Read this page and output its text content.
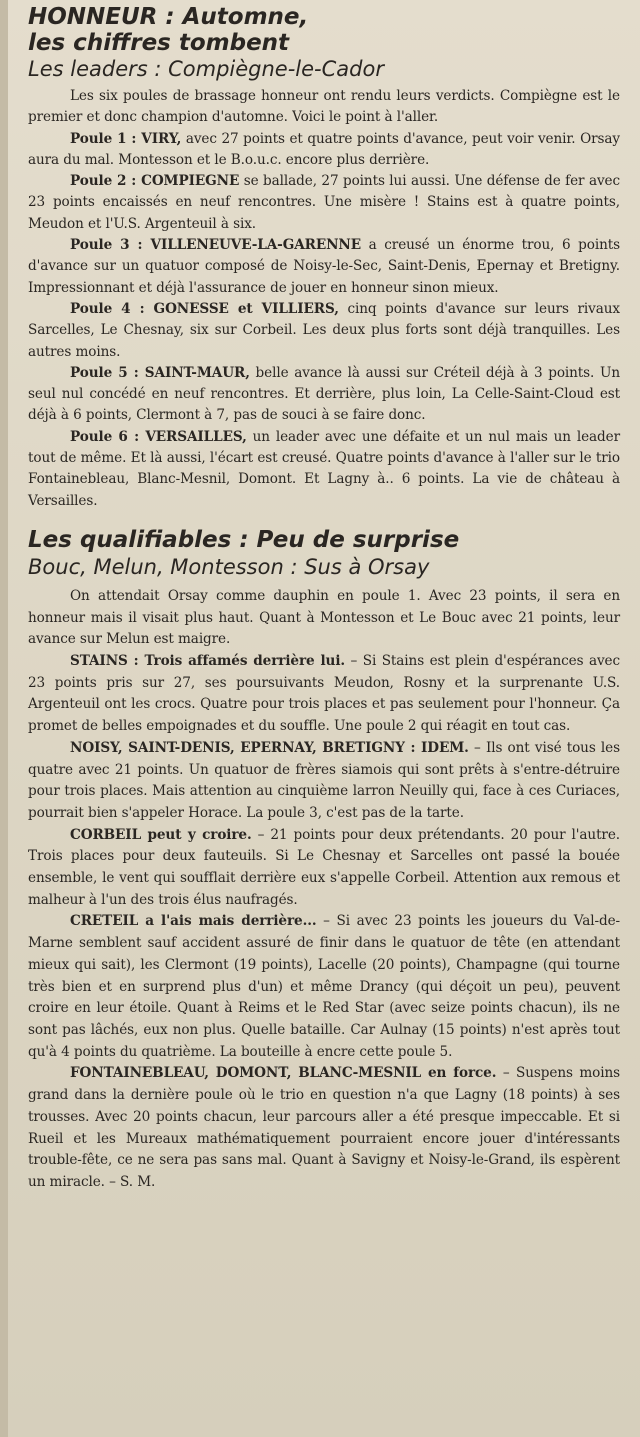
HONNEUR : Automne,
les chiffres tombent
Les leaders : Compiègne-le-Cador

Les six poules de brassage honneur ont rendu leurs verdicts. Compiègne est le premier et donc champion d'automne. Voici le point à l'aller.

Poule 1 : VIRY, avec 27 points et quatre points d'avance, peut voir venir. Orsay aura du mal. Montesson et le B.o.u.c. encore plus derrière.

Poule 2 : COMPIEGNE se ballade, 27 points lui aussi. Une défense de fer avec 23 points encaissés en neuf rencontres. Une misère ! Stains est à quatre points, Meudon et l'U.S. Argenteuil à six.

Poule 3 : VILLENEUVE-LA-GARENNE a creusé un énorme trou, 6 points d'avance sur un quatuor composé de Noisy-le-Sec, Saint-Denis, Epernay et Bretigny. Impressionnant et déjà l'assurance de jouer en honneur sinon mieux.

Poule 4 : GONESSE et VILLIERS, cinq points d'avance sur leurs rivaux Sarcelles, Le Chesnay, six sur Corbeil. Les deux plus forts sont déjà tranquilles. Les autres moins.

Poule 5 : SAINT-MAUR, belle avance là aussi sur Créteil déjà à 3 points. Un seul nul concédé en neuf rencontres. Et derrière, plus loin, La Celle-Saint-Cloud est déjà à 6 points, Clermont à 7, pas de souci à se faire donc.

Poule 6 : VERSAILLES, un leader avec une défaite et un nul mais un leader tout de même. Et là aussi, l'écart est creusé. Quatre points d'avance à l'aller sur le trio Fontainebleau, Blanc-Mesnil, Domont. Et Lagny à.. 6 points. La vie de château à Versailles.

Les qualifiables : Peu de surprise
Bouc, Melun, Montesson : Sus à Orsay

On attendait Orsay comme dauphin en poule 1. Avec 23 points, il sera en honneur mais il visait plus haut. Quant à Montesson et Le Bouc avec 21 points, leur avance sur Melun est maigre.

STAINS : Trois affamés derrière lui. – Si Stains est plein d'espérances avec 23 points pris sur 27, ses poursuivants Meudon, Rosny et la surprenante U.S. Argenteuil ont les crocs. Quatre pour trois places et pas seulement pour l'honneur. Ça promet de belles empoignades et du souffle. Une poule 2 qui réagit en tout cas.

NOISY, SAINT-DENIS, EPERNAY, BRETIGNY : IDEM. – Ils ont visé tous les quatre avec 21 points. Un quatuor de frères siamois qui sont prêts à s'entre-détruire pour trois places. Mais attention au cinquième larron Neuilly qui, face à ces Curiaces, pourrait bien s'appeler Horace. La poule 3, c'est pas de la tarte.

CORBEIL peut y croire. – 21 points pour deux prétendants. 20 pour l'autre. Trois places pour deux fauteuils. Si Le Chesnay et Sarcelles ont passé la bouée ensemble, le vent qui soufflait derrière eux s'appelle Corbeil. Attention aux remous et malheur à l'un des trois élus naufragés.

CRETEIL a l'ais mais derrière... – Si avec 23 points les joueurs du Val-de-Marne semblent sauf accident assuré de finir dans le quatuor de tête (en attendant mieux qui sait), les Clermont (19 points), Lacelle (20 points), Champagne (qui tourne très bien et en surprend plus d'un) et même Drancy (qui déçoit un peu), peuvent croire en leur étoile. Quant à Reims et le Red Star (avec seize points chacun), ils ne sont pas lâchés, eux non plus. Quelle bataille. Car Aulnay (15 points) n'est après tout qu'à 4 points du quatrième. La bouteille à encre cette poule 5.

FONTAINEBLEAU, DOMONT, BLANC-MESNIL en force. – Suspens moins grand dans la dernière poule où le trio en question n'a que Lagny (18 points) à ses trousses. Avec 20 points chacun, leur parcours aller a été presque impeccable. Et si Rueil et les Mureaux mathématiquement pourraient encore jouer d'intéressants trouble-fête, ce ne sera pas sans mal. Quant à Savigny et Noisy-le-Grand, ils espèrent un miracle. – S. M.
